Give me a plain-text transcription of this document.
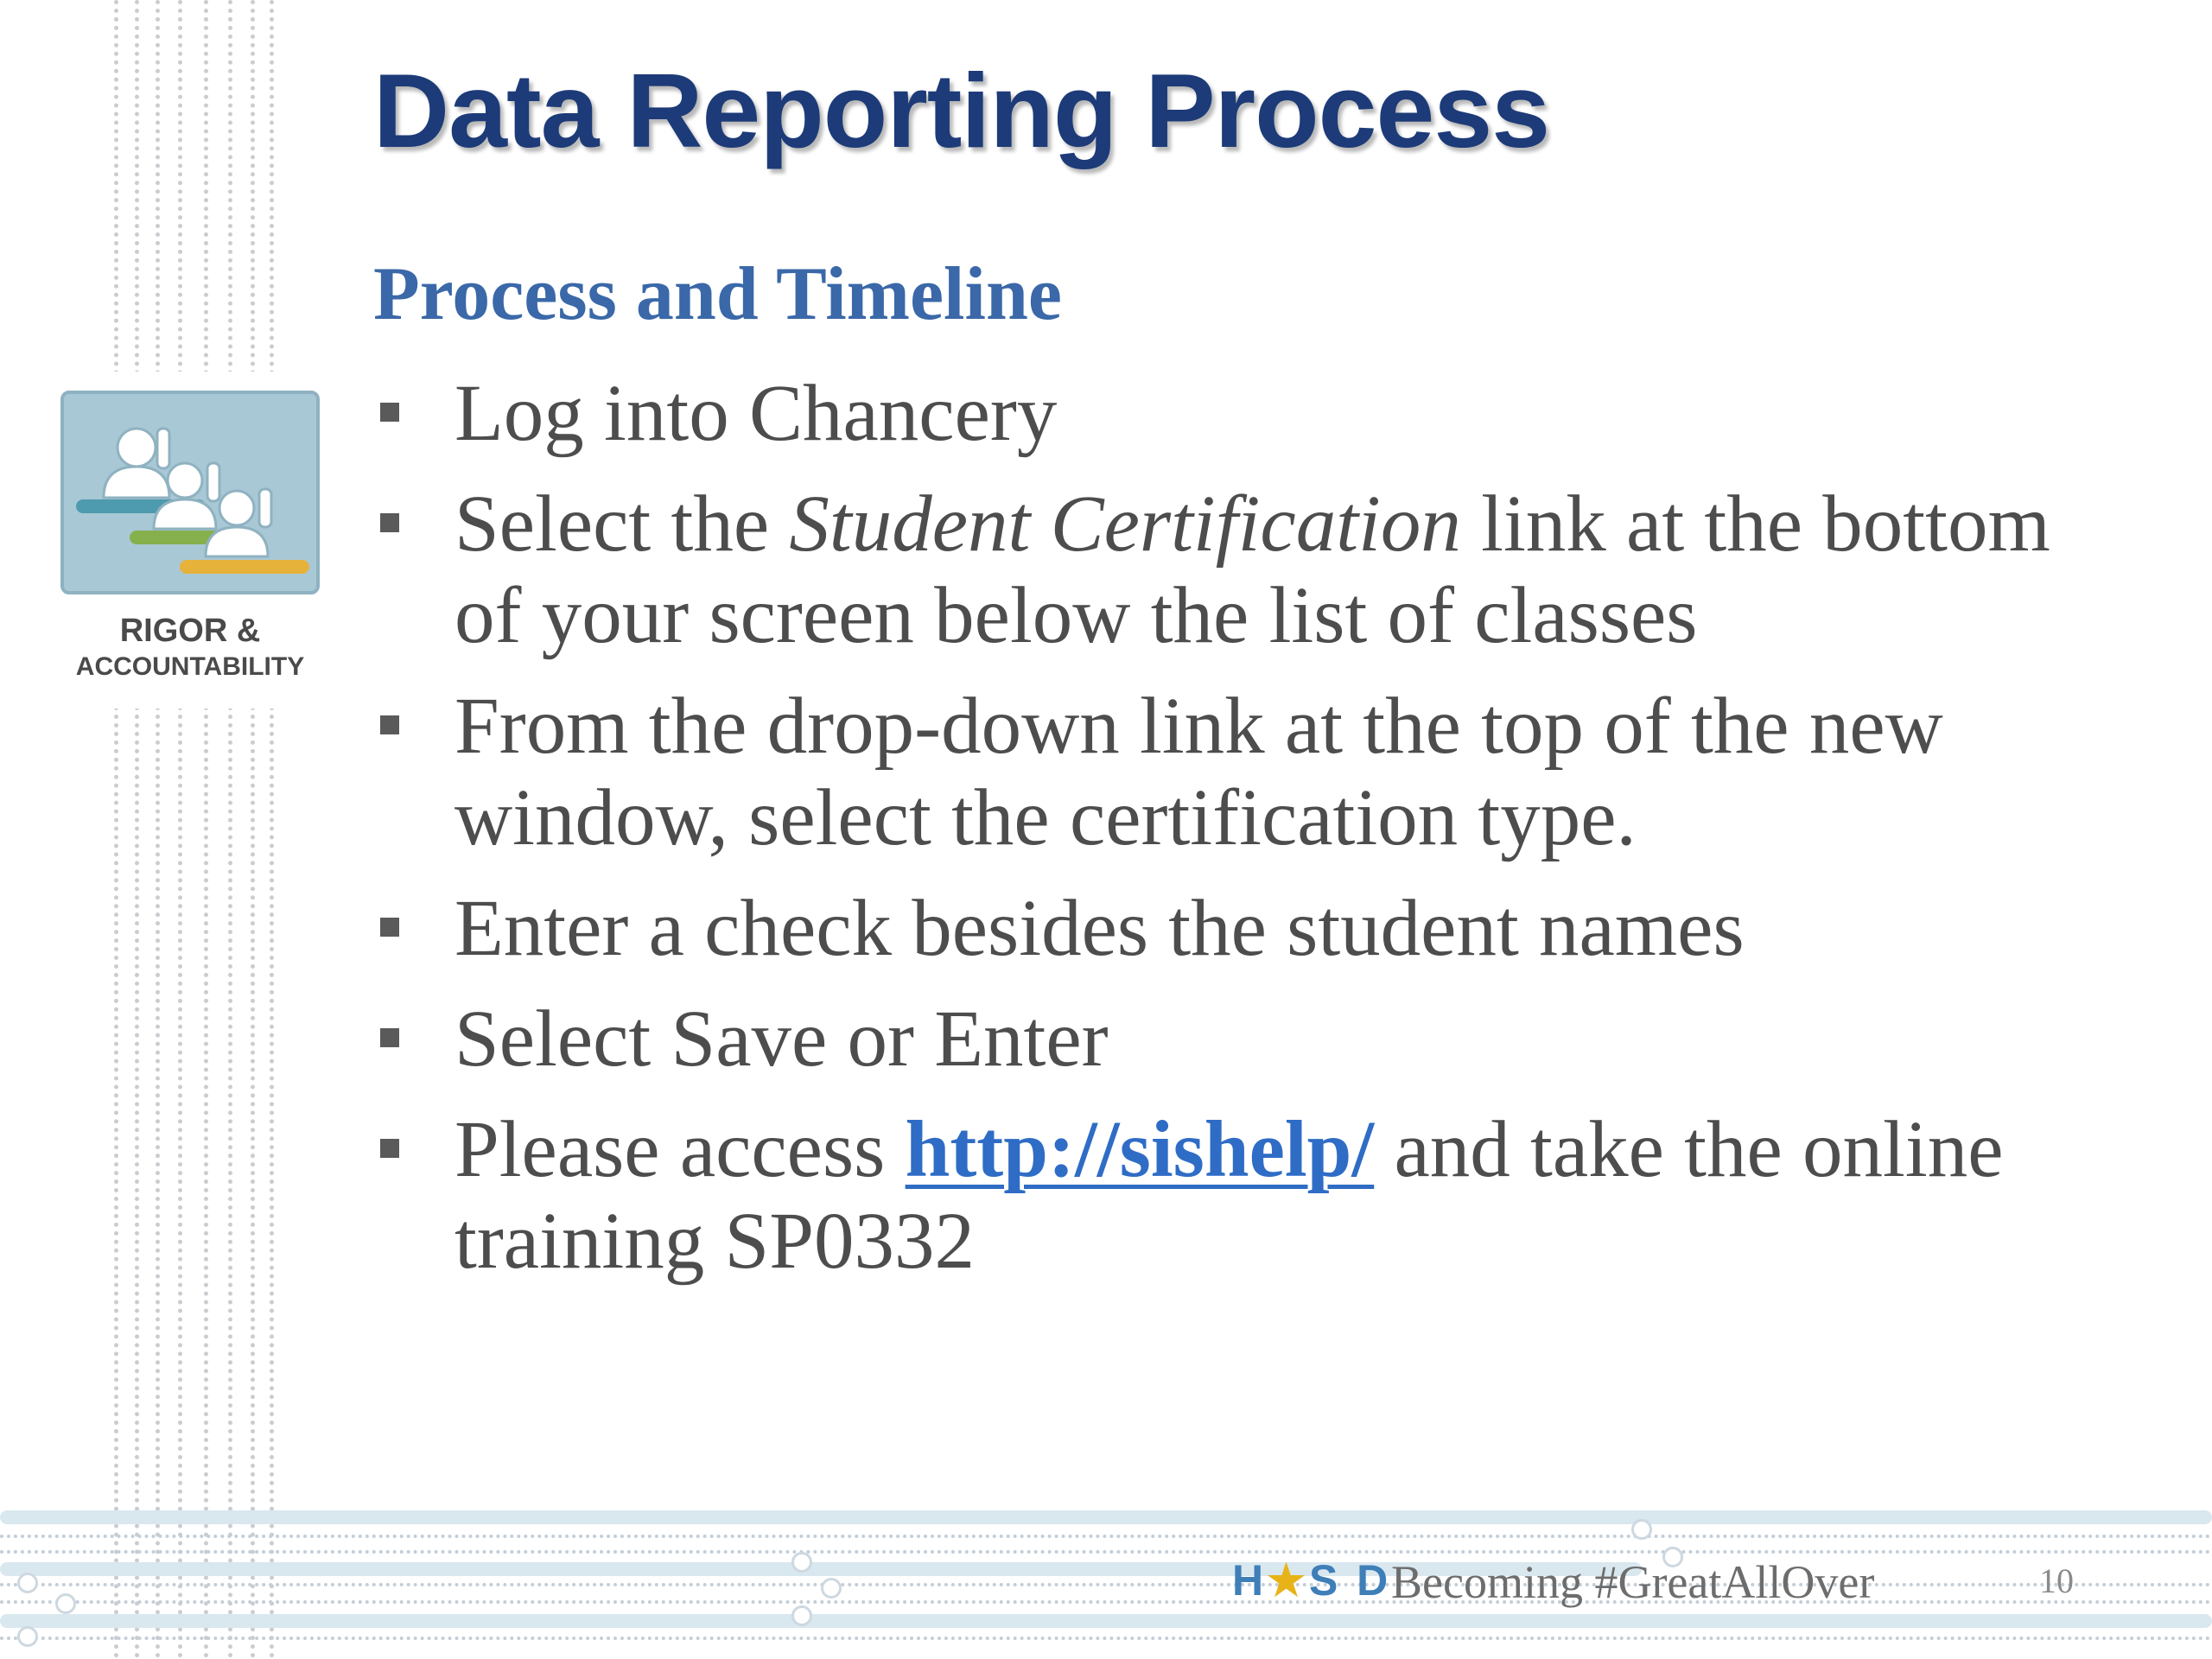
RIGOR &
ACCOUNTABILITY
Data Reporting Process
Process and Timeline
Log into Chancery
Select the Student Certification link at the bottom of your screen below the list of classes
From the drop-down link at the top of the new window, select the certification type.
Enter a check besides the student names
Select Save or Enter
Please access http://sishelp/ and take the online training SP0332
H★S D Becoming #GreatAllOver	10
